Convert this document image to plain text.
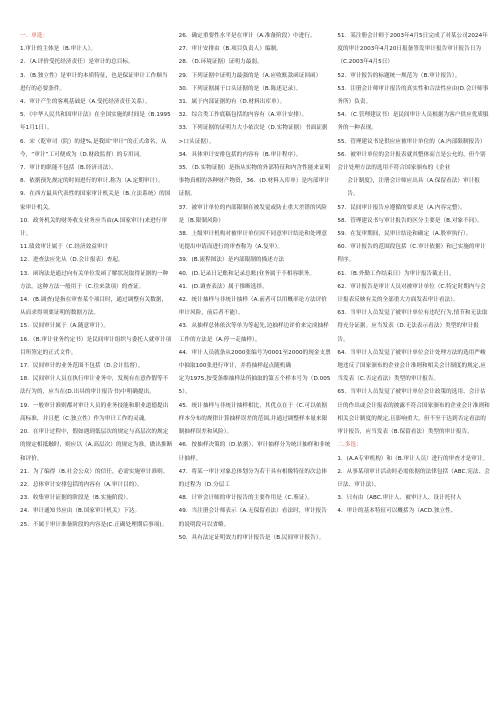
一．单选：

1.审计的主体是（B.审计人）。

2．（A.评价受托经济责任）是审计的总目标。

3．（B.独立性）是审计的本质特征，也是保证审计工作顺当进行的必要条件。

4．审计产生的客观基础是（A.受托经济责任关系）。

5．《中华人民共和国审计法》在全国实施的时间是（B.1995年1月1日）。

6．宋（乾审司（院）的建%,是我国“审计”的正式命名，从今，“审计”工可便成为（D.财政监督）的专用词。

7．审计的职能不包括（B.经济司法）。

8．依据预先规定的时间进行的审计,称为（A.定期审计）。

9．在西方最具代表性的国家审计机关是（B.立法系统）的国家审计机关。

10．政务机关的财务收支业务应当由(A.国家审计)来进行审计。

11.绩效审计属于（C.经济效益审计

12．进查法应先从（D.会计报表）查起。

13．函询法是通过向有关单位发函了解状况取得证据的一种方法。这种方法一般用于（C.往来款项）的查证。

14．(B.调查)是指在审查某个项目时，通过调整有关数据，从而求得须要证明的数据方法。

15．民间审计属于（A.随意审计）。

16．（B.审计业务约定书）是民间审计组织与委托人就审计项目所签定的正式文件。

17．民间审计的业务范围不包括（D.会计监督）。

18．民间审计人员在执行审计业务中，发现有在意作假等不法行为的，应当在(D.出具的审计报告书)中明确提出。

19．一般审计准则都对审计人员的业务技能和职业道德提出高标准，并且把（C.独立性）作为审计工作的灵魂。

20．在审计过程中，假如遇到低层次的规定与高层次的规定的规定相抵触时，则应以（A.高层次）的规定为准，做出推断和评价。

21．为了编得（B.社会公众）的信任，必需实施审计准则。

22．总体审计安排包括的内容有（A.审计目的）。

23．收集审计证据的阶段是（B.实施阶段）。

24．审计通知书应由（B.国家审计机关）下达。

25．不属于审计准备阶段的内容是(C.正确处理期后事项)。

26．确定重要性水平是在审计（A.准备阶段）中进行。

27．审计安排由（B.项目负责人）编制。

28．（D.环境证据）证明力最弱。

29．下列证据中证明力最强的是（A.应收账款函证回函）

30．下列证据属于口头证据的是（B.陈述记录）。

31．属于内部证据的有（D.材料出库单）。

32．综合类工作底稿包括的内容有（A.审计安排）。

33．下列证据的证明力大小依次是（D.实物证据）书面证据>口头证据）。

34．具体审计安排包括的内容有（B.审计程序）。

35．（D.实物证据）是指从实物的外部特征和内含性能来证明事物真相的各种财产物资，36．(D.材料入库单）是内部审计证据。

37．被审计单位的内部限制在被发觉或防止重大差错的风险是（B.限制风险）

38．上级审计机构对被审计单位因不同意审计结论和处理意见提出申请而进行的审查称为（A.复审）。

39．(B.流程图法）是内部限制的描述方法

40．(D.记录日记账和记录总账)业务属于不相容职务。

41．(D.调查表法）属于推断选择。

42．统计抽样与非统计抽样（A.前者可以用概率论方法评价审计风险，前后者不能）。

43．从抽样总体依次等单为等起先,边抽样边评价来完成抽样工作的方法是（A.停一走抽样）。

44．审计人员就条从2000张编号为0001至2000的现金支票中抽取100张进行审计，并将抽样起点随机确

定为1975,按受条维抽样法所抽取的第五个样本号为（D.0055）。

45．统计抽样与非统计抽样相比，其优点在于（C.可以依据样本分布的规律计算抽样误差的范围,并通过调整样本量来限制抽样误差和风险）。

46．按抽样决策的（D.依据）、审计抽样分为统计抽样和非统计抽样。

47．将某一审计对象总体划分为若干具有相像特征的次总体的过程为（D.分层工

48．计审会计师的审计报告的主要作用是（C.鉴证）。

49．当注册会计师表示（A.无保留看法）看法时，审计报告的说明段可以省略。

50．具有法定证明效力的审计报告是（B.民间审计报告）。

51．某注册会计师于2003年4月5日完成了对某公司2024年度的审计2003年4月20日报备签发审计报告审计报告日为（C.2003年4月5日）

52．审计报告的标题统一规范为（B.审计报告）。

53．注册会计师审计报告的真实性和合法性应由(D.会计师事务所）负责。

54．（C.管理建议书）是民间审计人员根据为客户供应优质服务的一种表现。

55．管理建议书是供应应被审计单位的（A.内部限制报告）

56．被审计单位的会计报表就其整体而言是公允的，但个别会计处理方法的选用不符合国家颁布的《企业

会计制度》，注册会计师应出具（A.保留看法）审计报告。

57．民间审计报告应遵循的要求是（A.内容完整）。

58．管理建议书与审计报告的区分主要是（B.对象不同）。

59．在复审期间，民审计结论和确定（A.股审执行）。

60．审计报告的范围段包括（C.审计依据）和已实施的审计程序。

61．（B.外勤工作结束日）为审计报告截止日。

62．审计报告是审计人员对被审计单位（C.特定时期内与会计报表反映有关的全部重大方面发表审计看法）。

63．当审计人员发觉了被审计单位有违纪行为,情节和无法取得充分证据。应当发表（D.无法表示看法）类型的审计报告。

64．当审计人员发觉了被审计单位会计处理方法的选用严峻地违反了国家颁布的企业会计准则和相关会计制度的规定,应当发表（C.否定看法）类型的审计报告。

65．当审计人员发觉了被审计单位会计政策的选用、会计估计的作出或会计报表的披露不符合国家颁布的企业会计准则和相关会计制度的规定,且影响重大，但不至于达到否定看法的审计报告，应当发表（B.保留看法）类型的审计报告。

二.多选：

1．(A.A专审机构）和（B.审计人员）进行的审查才是审计。

2．从事某项审计活动时必需依据的法律包括（ABC.宪法、会计法、审计法）。

3．只有由（ABC.审计人、被审计人、设计托付人

4．审计的基本特征可以概括为（ACD.独立性、
